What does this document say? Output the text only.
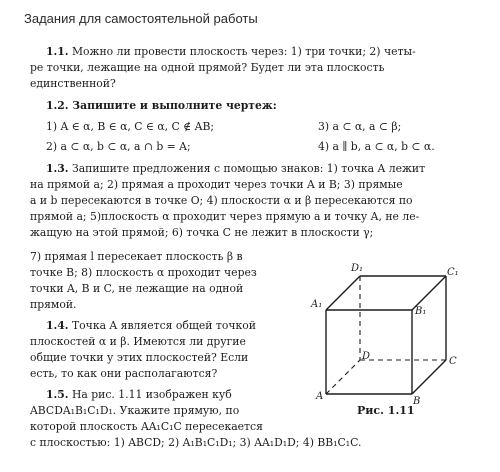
Задания для самостоятельной работы
1.1. Можно ли провести плоскость через: 1) три точки; 2) четы-
ре точки, лежащие на одной прямой? Будет ли эта плоскость
единственной?
1.2. Запишите и выполните чертеж:
1) A ∈ α, B ∈ α, C ∈ α, C ∉ AB;	3) a ⊂ α, a ⊂ β;
2) a ⊂ α, b ⊂ α, a ∩ b = A;	4) a ∥ b, a ⊂ α, b ⊂ α.
1.3. Запишите предложения с помощью знаков: 1) точка A лежит
на прямой a; 2) прямая a проходит через точки A и B; 3) прямые
a и b пересекаются в точке O; 4) плоскости α и β пересекаются по
прямой a; 5)плоскость α проходит через прямую a и точку A, не ле-
жащую на этой прямой; 6) точка C не лежит в плоскости γ;
7) прямая l пересекает плоскость β в
точке B; 8) плоскость α проходит через
точки A, B и C, не лежащие на одной
прямой.
1.4. Точка A является общей точкой
плоскостей α и β. Имеются ли другие
общие точки у этих плоскостей? Если
есть, то как они располагаются?
1.5. На рис. 1.11 изображен куб
ABCDA₁B₁C₁D₁. Укажите прямую, по
которой плоскость AA₁C₁C пересекается
с плоскостью: 1) ABCD; 2) A₁B₁C₁D₁; 3) AA₁D₁D; 4) BB₁C₁C.
D₁	C₁
A₁
B₁
D	C
A	B
Рис. 1.11
